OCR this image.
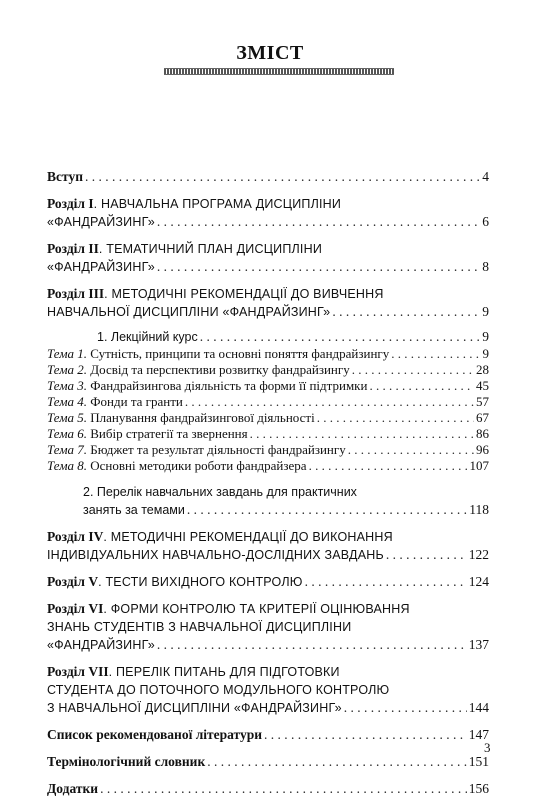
ЗМІСТ
Вступ . . .	4
Розділ I. НАВЧАЛЬНА ПРОГРАМА ДИСЦИПЛІНИ
«ФАНДРАЙЗИНГ» . . .	6
Розділ II. ТЕМАТИЧНИЙ ПЛАН ДИСЦИПЛІНИ
«ФАНДРАЙЗИНГ» . . .	8
Розділ III. МЕТОДИЧНІ РЕКОМЕНДАЦІЇ ДО ВИВЧЕННЯ
НАВЧАЛЬНОЇ ДИСЦИПЛІНИ «ФАНДРАЙЗИНГ» . . .	9
1. Лекційний курс . . .	9
Тема 1. Сутність, принципи та основні поняття фандрайзингу . . .	9
Тема 2. Досвід та перспективи розвитку фандрайзингу . . .	28
Тема 3. Фандрайзингова діяльність та форми її підтримки . . .	45
Тема 4. Фонди та гранти . . .	57
Тема 5. Планування фандрайзингової діяльності . . .	67
Тема 6. Вибір стратегії та звернення . . .	86
Тема 7. Бюджет та результат діяльності фандрайзингу . . .	96
Тема 8. Основні методики роботи фандрайзера . . .	107
2. Перелік навчальних завдань для практичних
занять за темами . . .	118
Розділ IV. МЕТОДИЧНІ РЕКОМЕНДАЦІЇ ДО ВИКОНАННЯ
ІНДИВІДУАЛЬНИХ НАВЧАЛЬНО-ДОСЛІДНИХ ЗАВДАНЬ . . .	122
Розділ V. ТЕСТИ ВИХІДНОГО КОНТРОЛЮ . . .	124
Розділ VI. ФОРМИ КОНТРОЛЮ ТА КРИТЕРІЇ ОЦІНЮВАННЯ
ЗНАНЬ СТУДЕНТІВ З НАВЧАЛЬНОЇ ДИСЦИПЛІНИ
«ФАНДРАЙЗИНГ» . . .	137
Розділ VII. ПЕРЕЛІК ПИТАНЬ ДЛЯ ПІДГОТОВКИ
СТУДЕНТА ДО ПОТОЧНОГО МОДУЛЬНОГО КОНТРОЛЮ
З НАВЧАЛЬНОЇ ДИСЦИПЛІНИ «ФАНДРАЙЗИНГ» . . .	144
Список рекомендованої літератури . . .	147
Термінологічний словник . . .	151
Додатки . . .	156
3
